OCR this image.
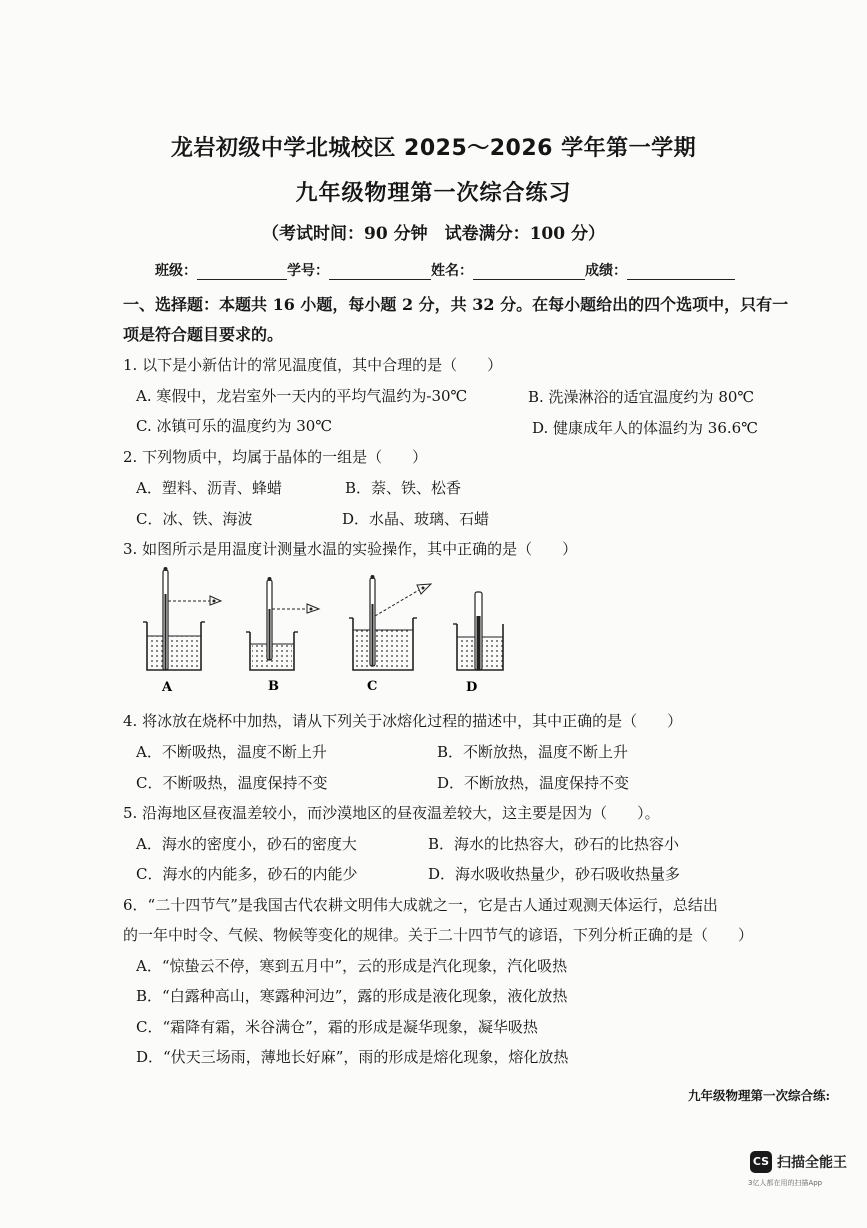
龙岩初级中学北城校区 2025～2026 学年第一学期
九年级物理第一次综合练习
（考试时间：90 分钟　试卷满分：100 分）
班级：	学号：	姓名：	成绩：
一、选择题：本题共 16 小题，每小题 2 分，共 32 分。在每小题给出的四个选项中，只有一
项是符合题目要求的。
1. 以下是小新估计的常见温度值，其中合理的是（　　）
A. 寒假中，龙岩室外一天内的平均气温约为-30℃	B. 洗澡淋浴的适宜温度约为 80℃
C. 冰镇可乐的温度约为 30℃	D. 健康成年人的体温约为 36.6℃
2. 下列物质中，均属于晶体的一组是（　　）
A．塑料、沥青、蜂蜡	B．萘、铁、松香
C．冰、铁、海波	D．水晶、玻璃、石蜡
3. 如图所示是用温度计测量水温的实验操作，其中正确的是（　　）
A	B	C	D
4. 将冰放在烧杯中加热，请从下列关于冰熔化过程的描述中，其中正确的是（　　）
A．不断吸热，温度不断上升	B．不断放热，温度不断上升
C．不断吸热，温度保持不变	D．不断放热，温度保持不变
5. 沿海地区昼夜温差较小，而沙漠地区的昼夜温差较大，这主要是因为（　　）。
A．海水的密度小，砂石的密度大	B．海水的比热容大，砂石的比热容小
C．海水的内能多，砂石的内能少	D．海水吸收热量少，砂石吸收热量多
6．“二十四节气”是我国古代农耕文明伟大成就之一，它是古人通过观测天体运行，总结出
的一年中时令、气候、物候等变化的规律。关于二十四节气的谚语，下列分析正确的是（　　）
A．“惊蛰云不停，寒到五月中”，云的形成是汽化现象，汽化吸热
B．“白露种高山，寒露种河边”，露的形成是液化现象，液化放热
C．“霜降有霜，米谷满仓”，霜的形成是凝华现象，凝华吸热
D．“伏天三场雨，薄地长好麻”，雨的形成是熔化现象，熔化放热
九年级物理第一次综合练:
CS 扫描全能王
3亿人都在用的扫描App
